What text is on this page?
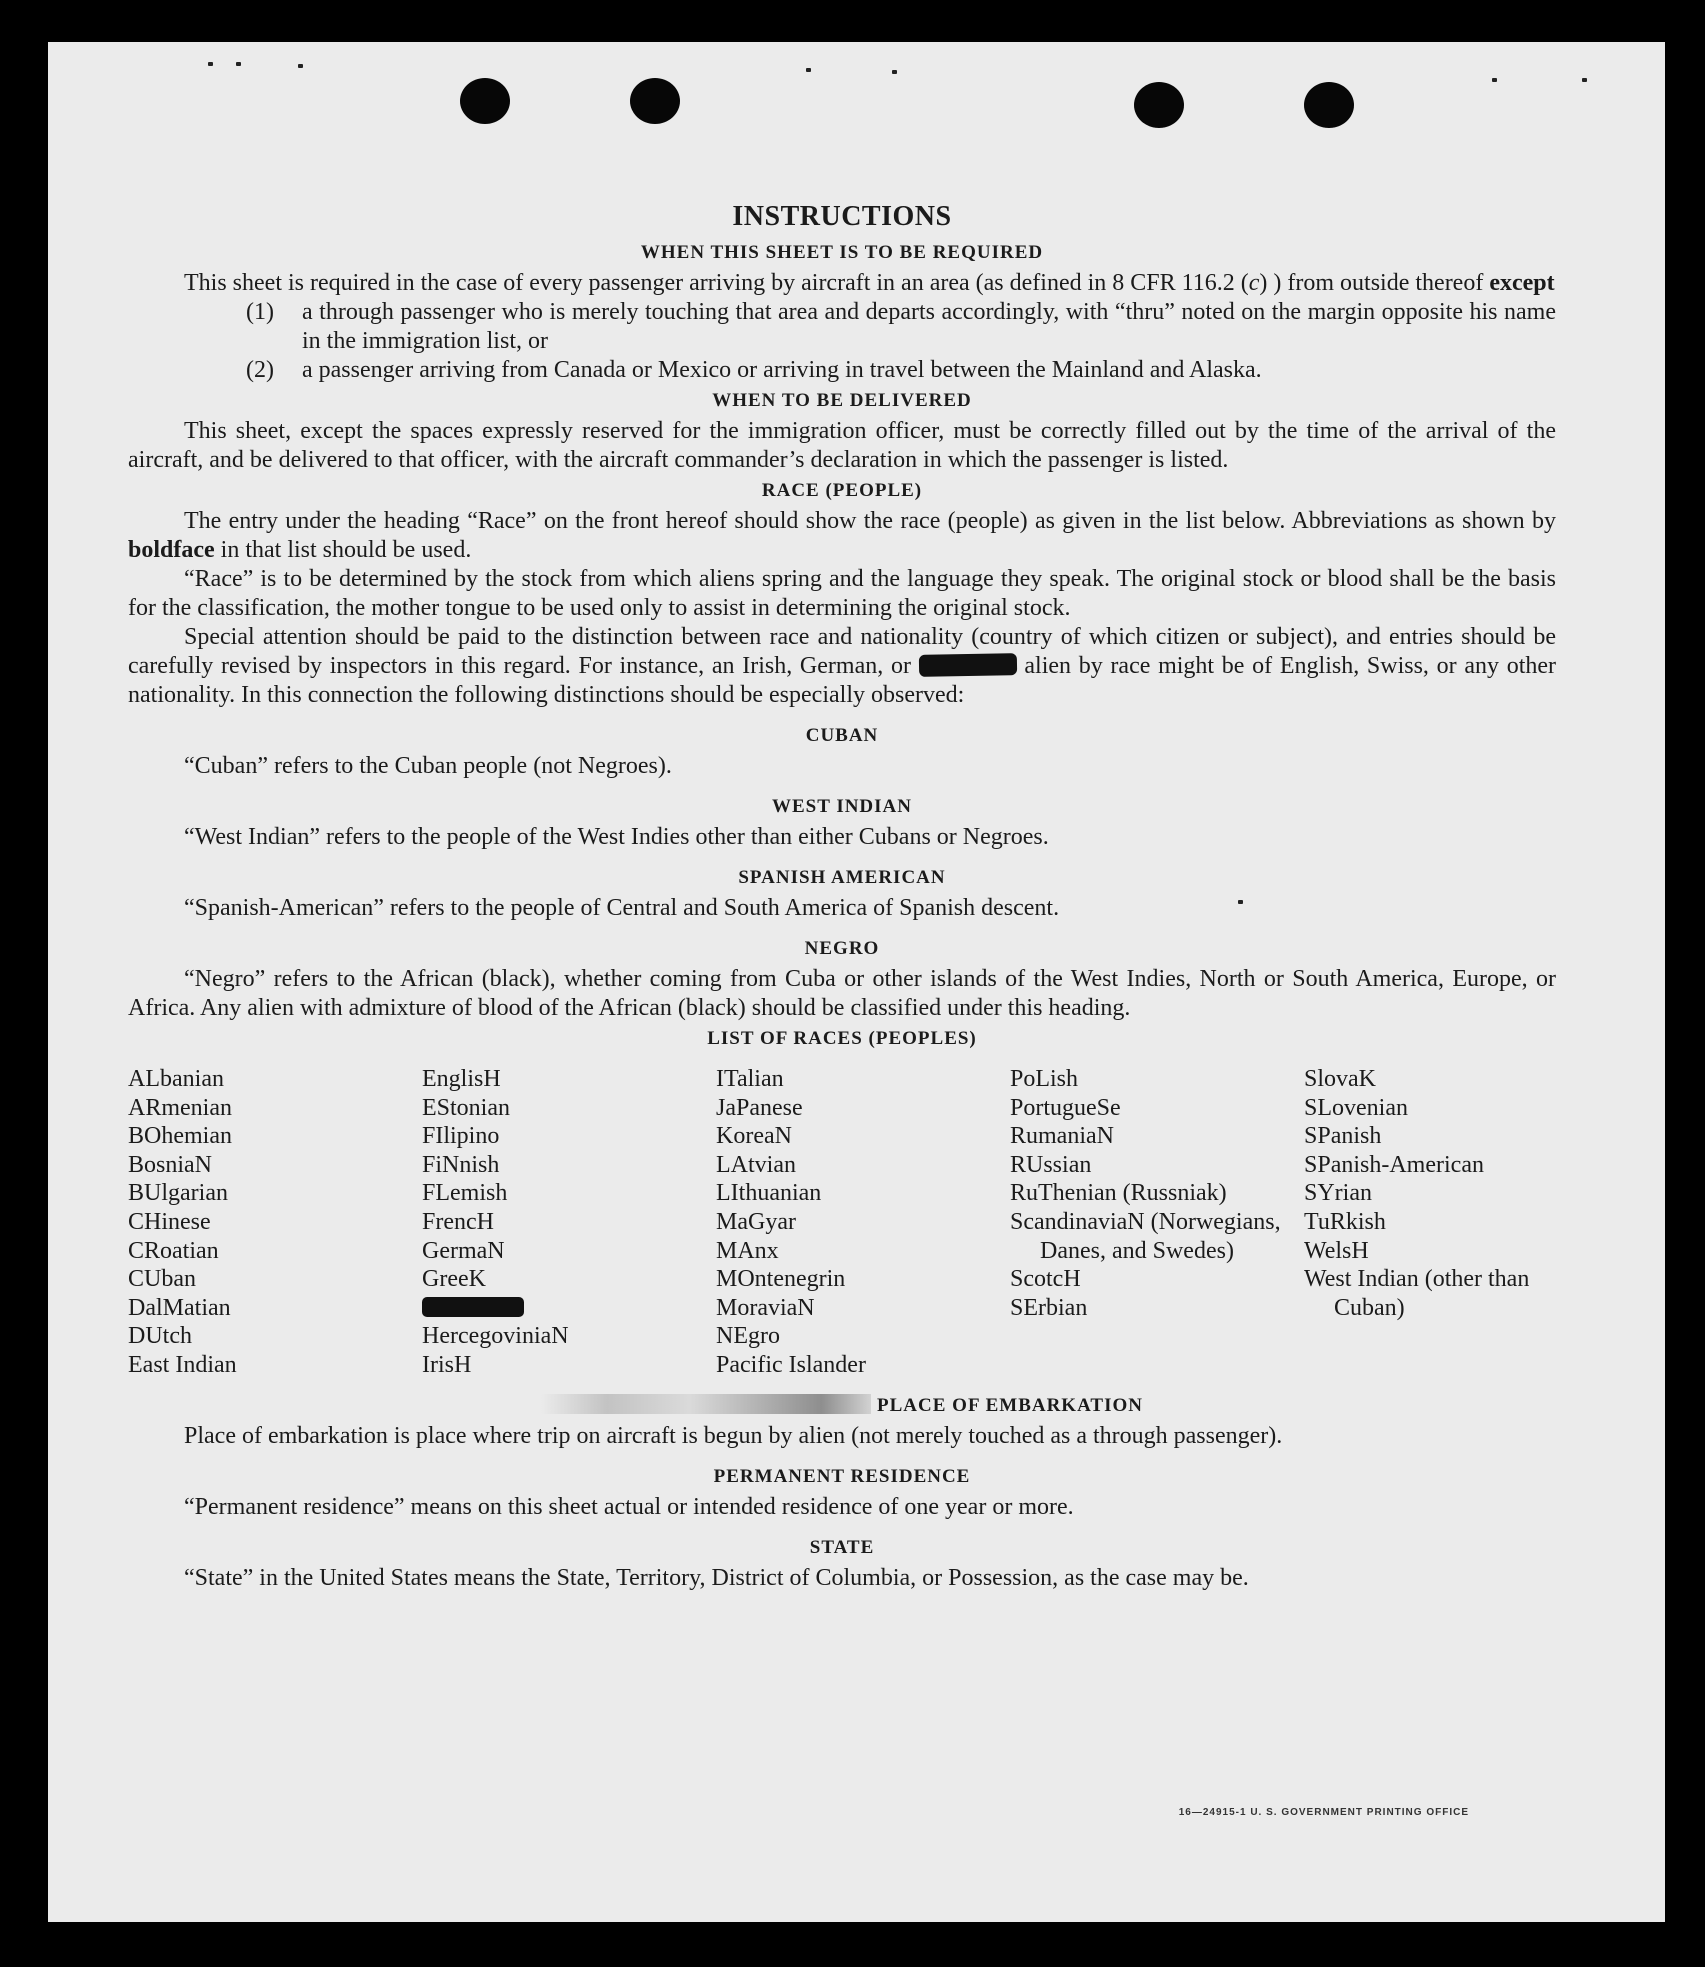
INSTRUCTIONS
WHEN THIS SHEET IS TO BE REQUIRED

This sheet is required in the case of every passenger arriving by aircraft in an area (as defined in 8 CFR 116.2 (c) ) from outside thereof except

(1)	a through passenger who is merely touching that area and departs accordingly, with “thru” noted on the margin opposite his name in the immigration list, or
(2)	a passenger arriving from Canada or Mexico or arriving in travel between the Mainland and Alaska.
WHEN TO BE DELIVERED

This sheet, except the spaces expressly reserved for the immigration officer, must be correctly filled out by the time of the arrival of the aircraft, and be delivered to that officer, with the aircraft commander’s declaration in which the passenger is listed.

RACE (PEOPLE)

The entry under the heading “Race” on the front hereof should show the race (people) as given in the list below. Abbreviations as shown by boldface in that list should be used.

“Race” is to be determined by the stock from which aliens spring and the language they speak. The original stock or blood shall be the basis for the classification, the mother tongue to be used only to assist in determining the original stock.

Special attention should be paid to the distinction between race and nationality (country of which citizen or subject), and entries should be carefully revised by inspectors in this regard. For instance, an Irish, German, or	alien by race might be of English, Swiss, or any other nationality. In this connection the following distinctions should be especially observed:

CUBAN

“Cuban” refers to the Cuban people (not Negroes).

WEST INDIAN

“West Indian” refers to the people of the West Indies other than either Cubans or Negroes.

SPANISH AMERICAN

“Spanish-American” refers to the people of Central and South America of Spanish descent.

NEGRO

“Negro” refers to the African (black), whether coming from Cuba or other islands of the West Indies, North or South America, Europe, or Africa. Any alien with admixture of blood of the African (black) should be classified under this heading.

LIST OF RACES (PEOPLES)
ALbanian
ARmenian
BOhemian
BosniaN
BUlgarian
CHinese
CRoatian
CUban
DalMatian
DUtch
East Indian
EnglisH
EStonian
FIlipino
FiNnish
FLemish
FrencH
GermaN
GreeK
HercegoviniaN
IrisH
ITalian
JaPanese
KoreaN
LAtvian
LIthuanian
MaGyar
MAnx
MOntenegrin
MoraviaN
NEgro
Pacific Islander
PoLish
PortugueSe
RumaniaN
RUssian
RuThenian (Russniak)
ScandinaviaN (Norwegians, Danes, and Swedes)
ScotcH
SErbian
SlovaK
SLovenian
SPanish
SPanish-American
SYrian
TuRkish
WelsH
West Indian (other than Cuban)
PLACE OF EMBARKATION

Place of embarkation is place where trip on aircraft is begun by alien (not merely touched as a through passenger).

PERMANENT RESIDENCE

“Permanent residence” means on this sheet actual or intended residence of one year or more.

STATE

“State” in the United States means the State, Territory, District of Columbia, or Possession, as the case may be.

16—24915-1 U. S. GOVERNMENT PRINTING OFFICE
